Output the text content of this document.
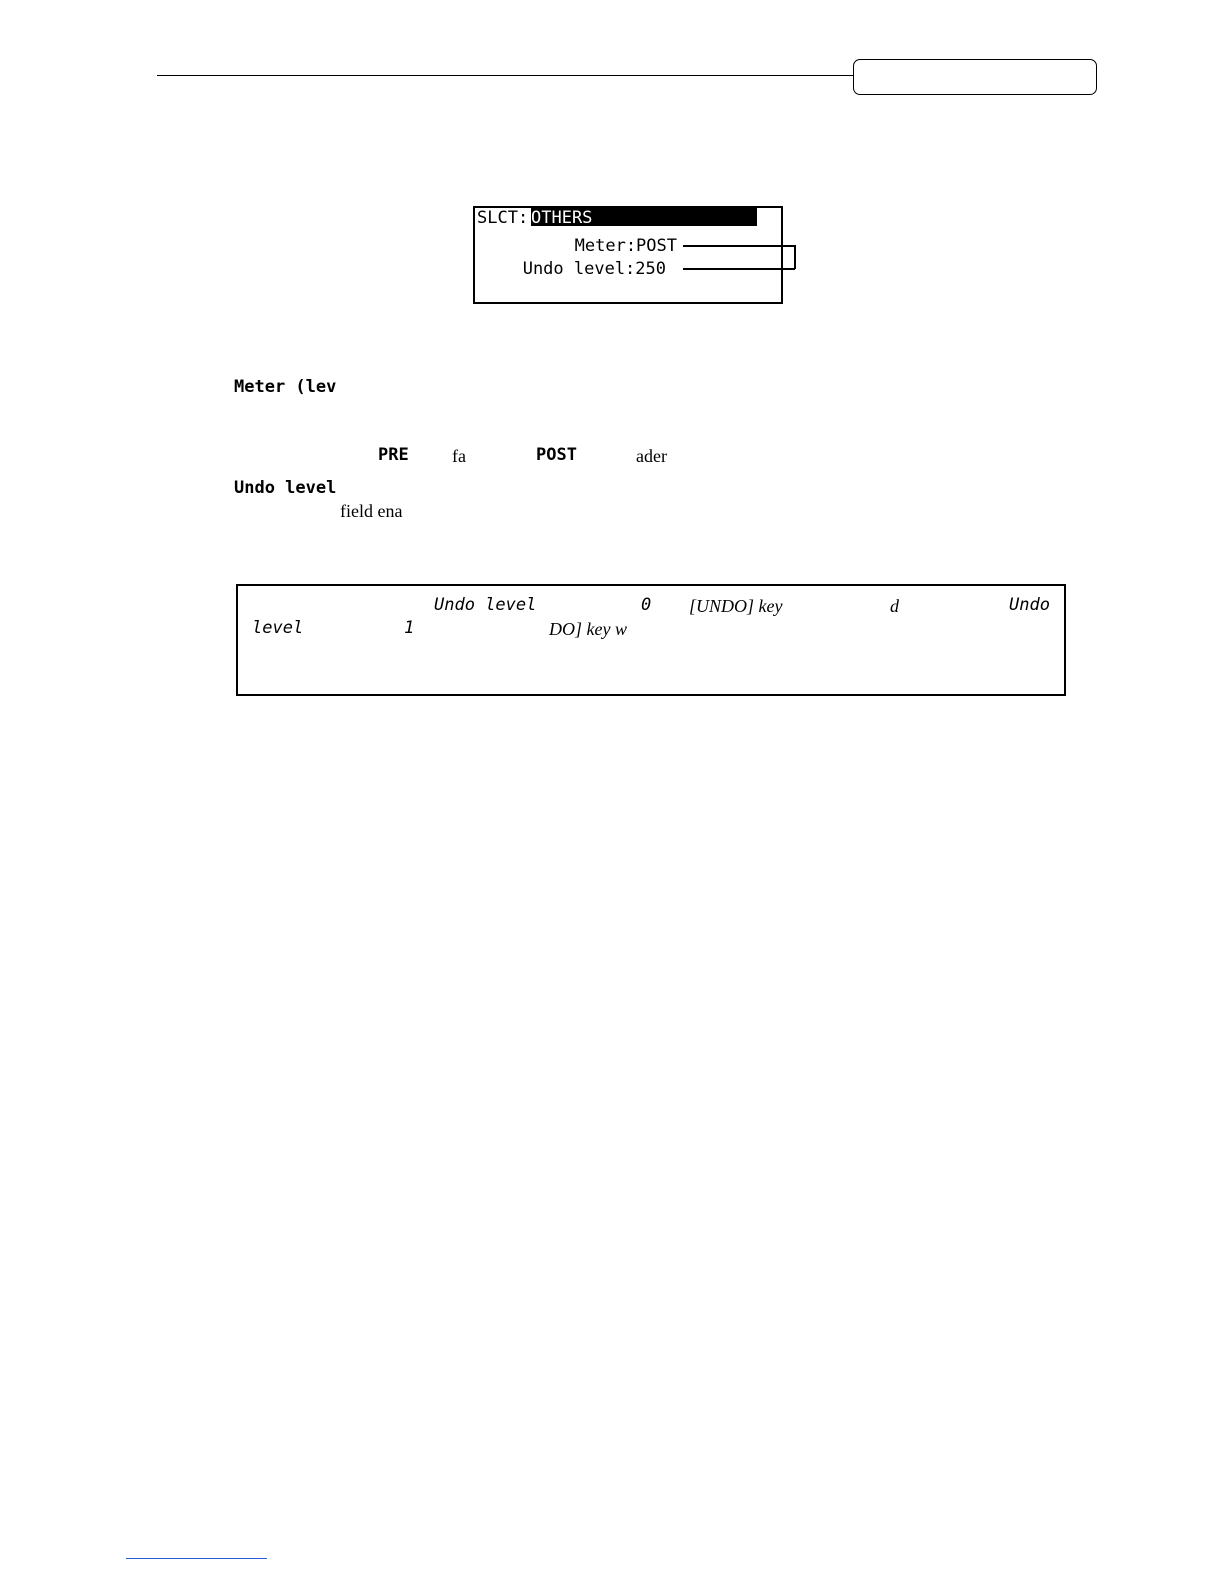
SLCT: OTHERS
Meter:POST
Undo level:250
Meter (lev
PRE fa	POST	ader
Undo level
field ena
Undo level	0 [UNDO] key	d	Undo
level	1	DO] key w
